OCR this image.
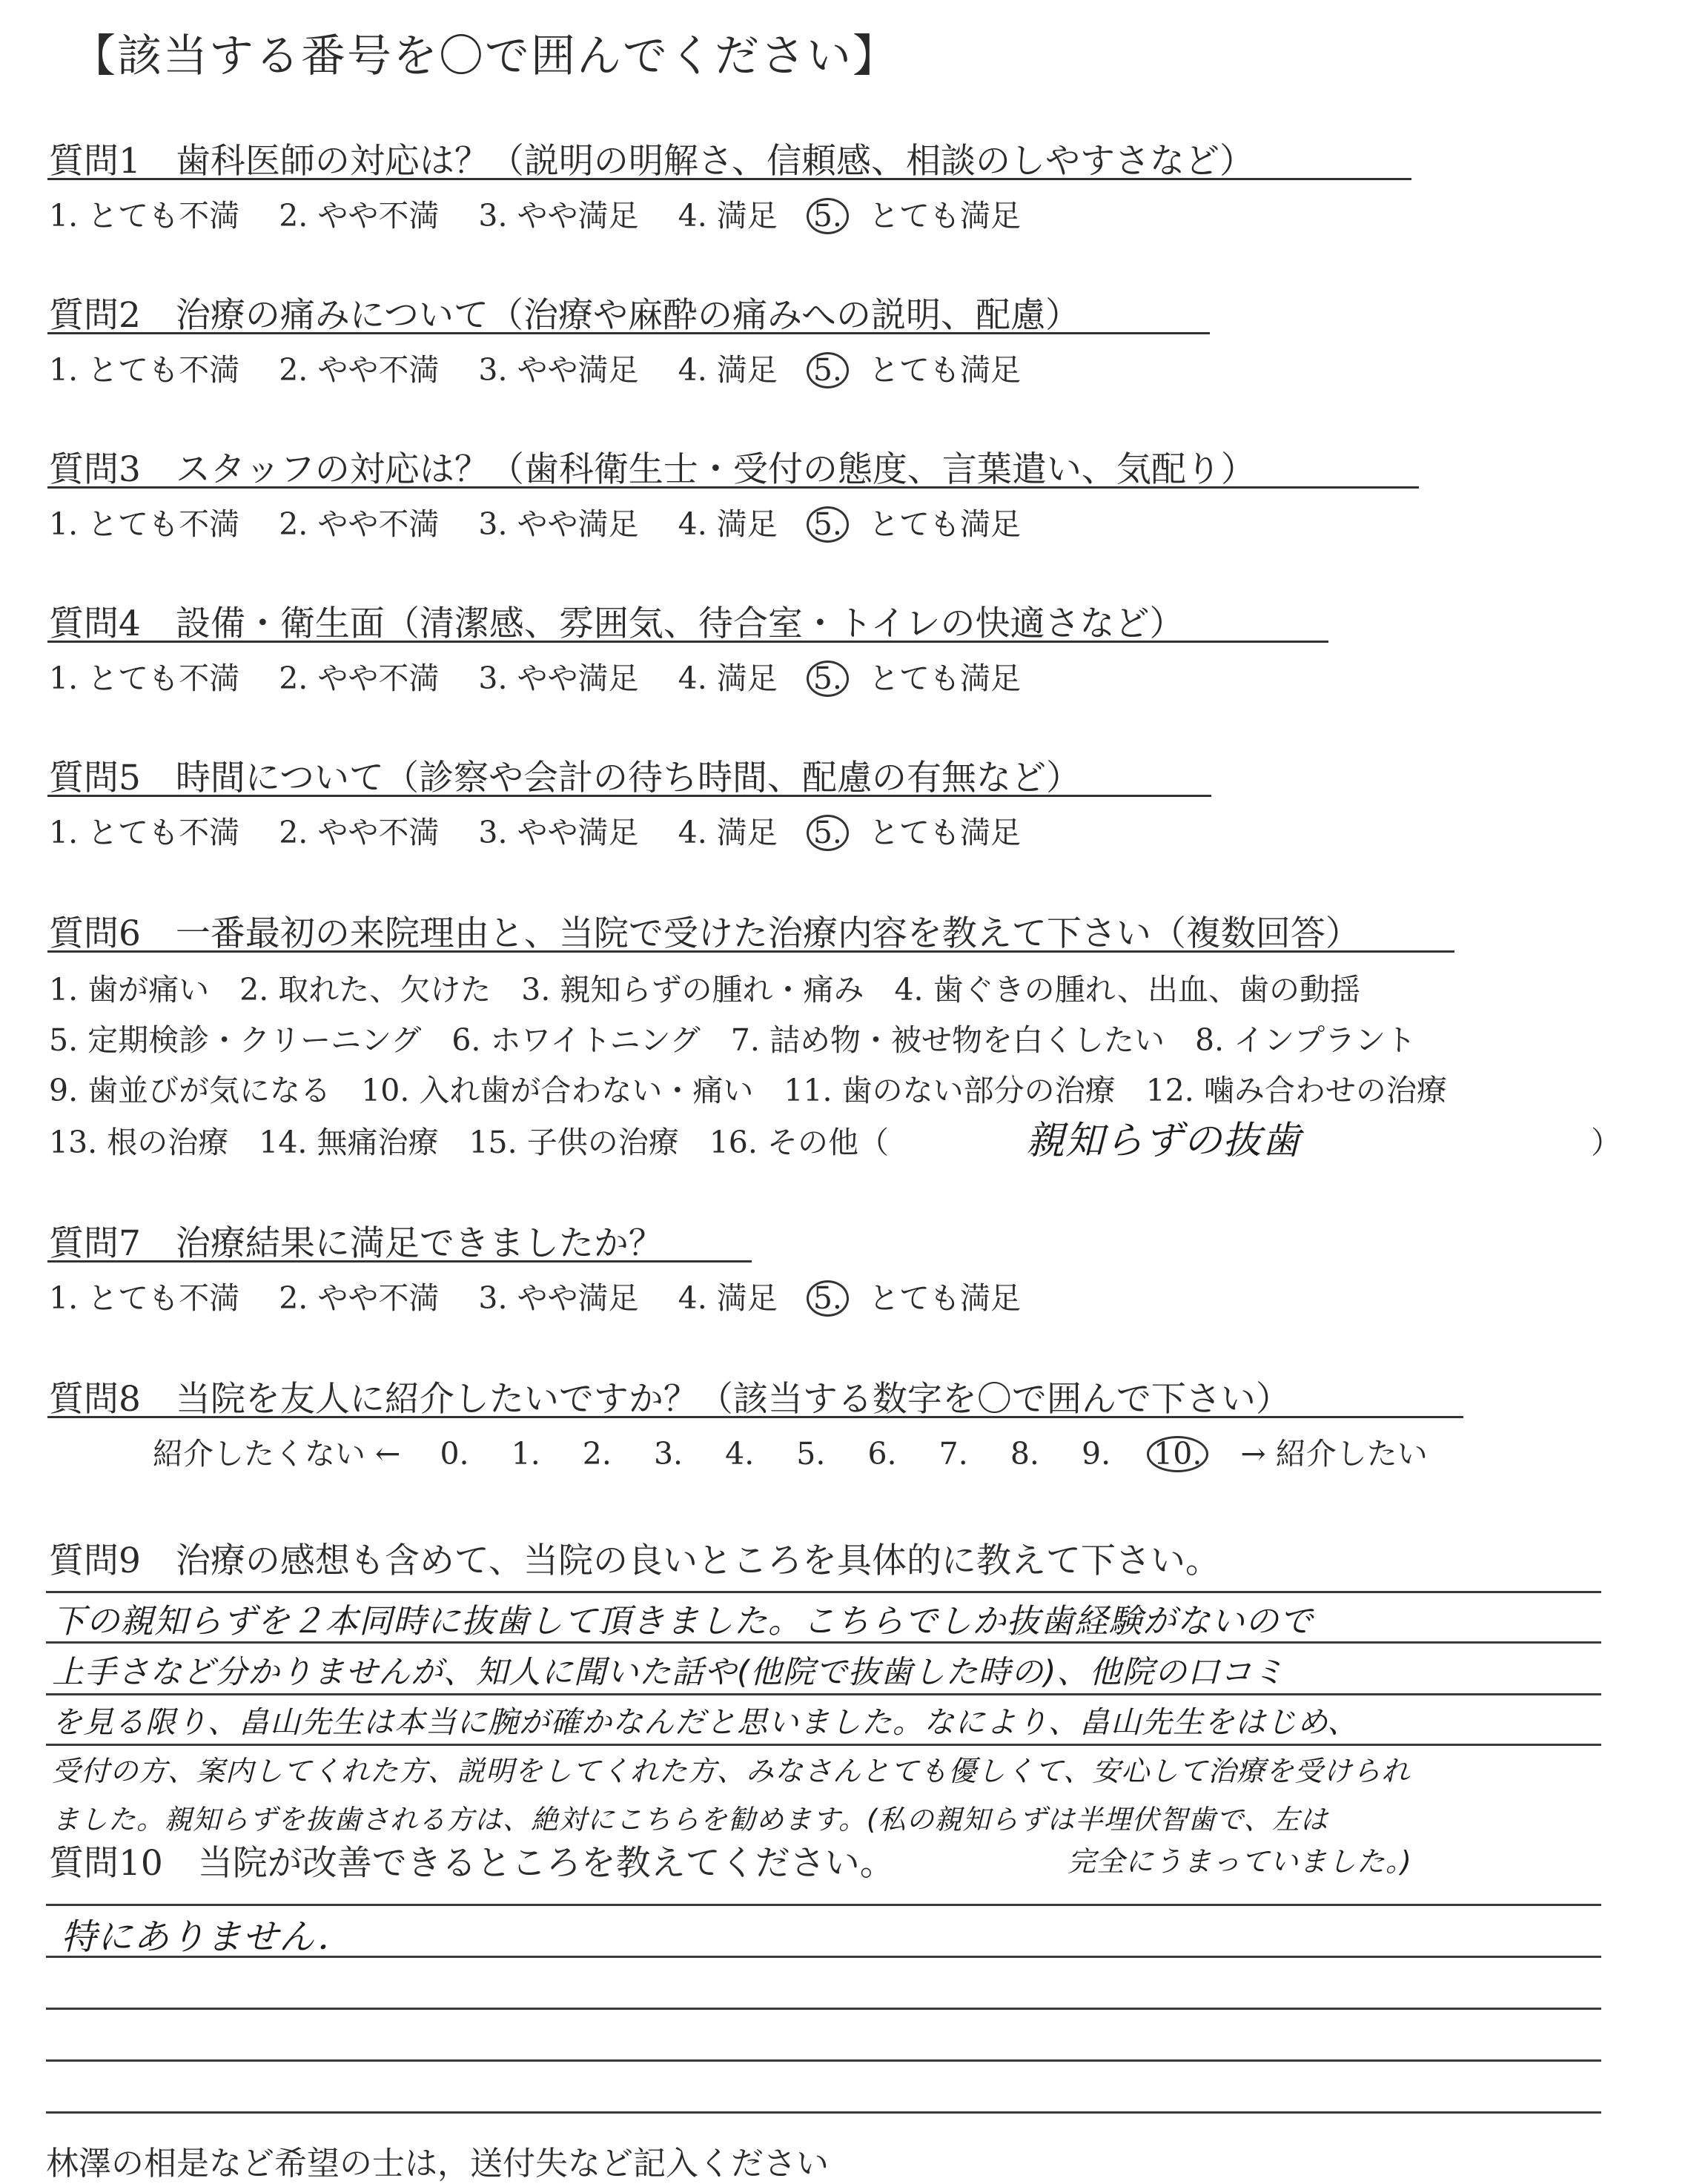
【該当する番号を〇で囲んでください】
質問1　歯科医師の対応は？（説明の明解さ、信頼感、相談のしやすさなど）
1. とても不満 2. やや不満 3. やや満足 4. 満足 5. とても満足
質問2　治療の痛みについて（治療や麻酔の痛みへの説明、配慮）
1. とても不満 2. やや不満 3. やや満足 4. 満足 5. とても満足
質問3　スタッフの対応は？（歯科衛生士・受付の態度、言葉遣い、気配り）
1. とても不満 2. やや不満 3. やや満足 4. 満足 5. とても満足
質問4　設備・衛生面（清潔感、雰囲気、待合室・トイレの快適さなど）
1. とても不満 2. やや不満 3. やや満足 4. 満足 5. とても満足
質問5　時間について（診察や会計の待ち時間、配慮の有無など）
1. とても不満 2. やや不満 3. やや満足 4. 満足 5. とても満足
質問6　一番最初の来院理由と、当院で受けた治療内容を教えて下さい（複数回答）
1. 歯が痛い　2. 取れた、欠けた　3. 親知らずの腫れ・痛み　4. 歯ぐきの腫れ、出血、歯の動揺
5. 定期検診・クリーニング　6. ホワイトニング　7. 詰め物・被せ物を白くしたい　8. インプラント
9. 歯並びが気になる　10. 入れ歯が合わない・痛い　11. 歯のない部分の治療　12. 噛み合わせの治療
13. 根の治療　14. 無痛治療　15. 子供の治療　16. その他（	親知らずの抜歯	）
質問7　治療結果に満足できましたか？
1. とても不満 2. やや不満 3. やや満足 4. 満足 5. とても満足
質問8　当院を友人に紹介したいですか？（該当する数字を〇で囲んで下さい）
紹介したくない ← 0. 1. 2. 3. 4. 5. 6. 7. 8. 9. 10. → 紹介したい
質問9　治療の感想も含めて、当院の良いところを具体的に教えて下さい。
下の親知らずを２本同時に抜歯して頂きました。こちらでしか抜歯経験がないので
上手さなど分かりませんが、知人に聞いた話や(他院で抜歯した時の)、他院の口コミ
を見る限り、畠山先生は本当に腕が確かなんだと思いました。なにより、畠山先生をはじめ、
受付の方、案内してくれた方、説明をしてくれた方、みなさんとても優しくて、安心して治療を受けられ
ました。親知らずを抜歯される方は、絶対にこちらを勧めます。(私の親知らずは半埋伏智歯で、左は
質問10　当院が改善できるところを教えてください。	完全にうまっていました。)
特にありません．
林澤の相是など希望の士は，送付失など記入ください
